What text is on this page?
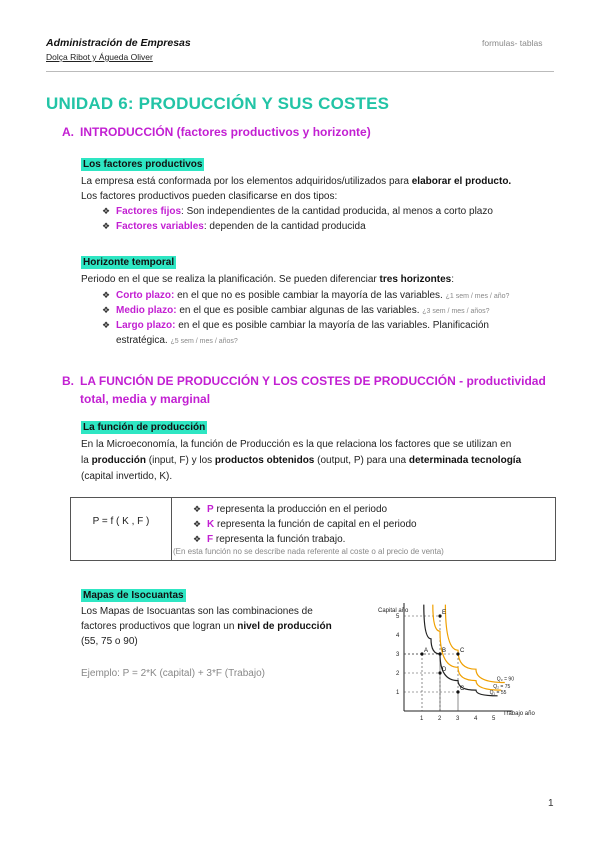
Administración de Empresas
Dolça Ribot y Águeda Oliver
formulas- tablas
UNIDAD 6: PRODUCCIÓN Y SUS COSTES
A. INTRODUCCIÓN (factores productivos y horizonte)
Los factores productivos
La empresa está conformada por los elementos adquiridos/utilizados para elaborar el producto.
Los factores productivos pueden clasificarse en dos tipos:
❖ Factores fijos: Son independientes de la cantidad producida, al menos a corto plazo
❖ Factores variables: dependen de la cantidad producida
Horizonte temporal
Periodo en el que se realiza la planificación. Se pueden diferenciar tres horizontes:
❖ Corto plazo: en el que no es posible cambiar la mayoría de las variables. ¿1 sem / mes / año?
❖ Medio plazo: en el que es posible cambiar algunas de las variables. ¿3 sem / mes / años?
❖ Largo plazo: en el que es posible cambiar la mayoría de las variables. Planificación
estratégica. ¿5 sem / mes / años?
B. LA FUNCIÓN DE PRODUCCIÓN Y LOS COSTES DE PRODUCCIÓN - productividad
total, media y marginal
La función de producción
En la Microeconomía, la función de Producción es la que relaciona los factores que se utilizan en
la producción (input, F) y los productos obtenidos (output, P) para una determinada tecnología
(capital invertido, K).
P = f ( K , F )
❖ P representa la producción en el periodo
❖ K representa la función de capital en el periodo
❖ F representa la función trabajo.
(En esta función no se describe nada referente al coste o al precio de venta)
Mapas de Isocuantas
Los Mapas de Isocuantas son las combinaciones de
factores productivos que logran un nivel de producción
(55, 75 o 90)
Ejemplo: P = 2*K (capital) + 3*F (Trabajo)
Capital año
Trabajo año
A B C
D
E
C
1 2 3 4 5
1
2
3
4
5
Q₁ = 55
Q₂ = 75
Q₃ = 90
1
